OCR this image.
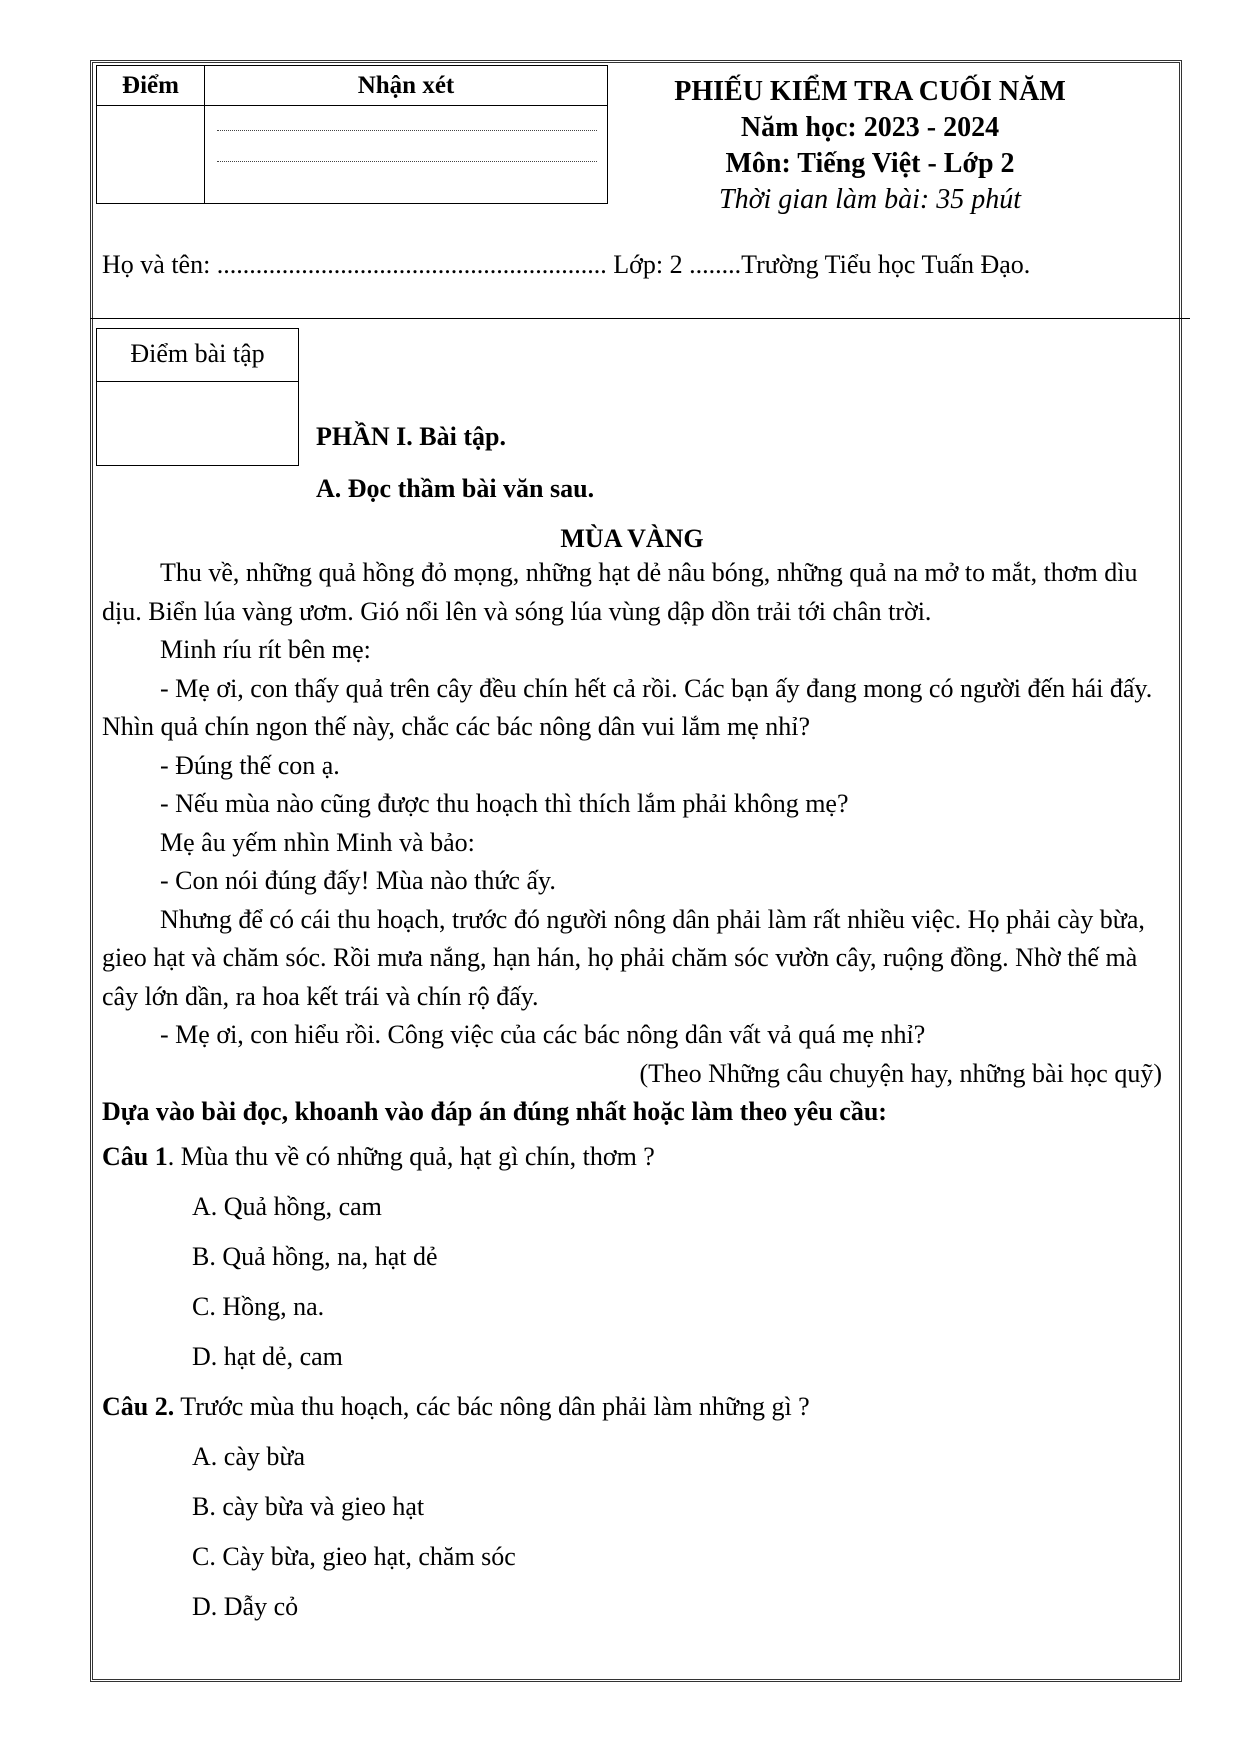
Điểm	Nhận xét
		PHIẾU KIỂM TRA CUỐI NĂM
Năm học: 2023 - 2024
Môn: Tiếng Việt - Lớp 2
Thời gian làm bài: 35 phút
Họ và tên: ............................................................ Lớp: 2 ........Trường Tiểu học Tuấn Đạo.
Điểm bài tập
PHẦN I. Bài tập.
A. Đọc thầm bài văn sau.
MÙA VÀNG

Thu về, những quả hồng đỏ mọng, những hạt dẻ nâu bóng, những quả na mở to mắt, thơm dìu dịu. Biển lúa vàng ươm. Gió nổi lên và sóng lúa vùng dập dồn trải tới chân trời.

Minh ríu rít bên mẹ:

- Mẹ ơi, con thấy quả trên cây đều chín hết cả rồi. Các bạn ấy đang mong có người đến hái đấy. Nhìn quả chín ngon thế này, chắc các bác nông dân vui lắm mẹ nhỉ?

- Đúng thế con ạ.

- Nếu mùa nào cũng được thu hoạch thì thích lắm phải không mẹ?

Mẹ âu yếm nhìn Minh và bảo:

- Con nói đúng đấy! Mùa nào thức ấy.

Nhưng để có cái thu hoạch, trước đó người nông dân phải làm rất nhiều việc. Họ phải cày bừa, gieo hạt và chăm sóc. Rồi mưa nắng, hạn hán, họ phải chăm sóc vườn cây, ruộng đồng. Nhờ thế mà cây lớn dần, ra hoa kết trái và chín rộ đấy.

- Mẹ ơi, con hiểu rồi. Công việc của các bác nông dân vất vả quá mẹ nhỉ?

(Theo Những câu chuyện hay, những bài học quỹ)

Dựa vào bài đọc, khoanh vào đáp án đúng nhất hoặc làm theo yêu cầu:

Câu 1. Mùa thu về có những quả, hạt gì chín, thơm ?
A. Quả hồng, cam
B. Quả hồng, na, hạt dẻ
C. Hồng, na.
D. hạt dẻ, cam
Câu 2. Trước mùa thu hoạch, các bác nông dân phải làm những gì ?
A. cày bừa
B. cày bừa và gieo hạt
C. Cày bừa, gieo hạt, chăm sóc
D. Dẫy cỏ
